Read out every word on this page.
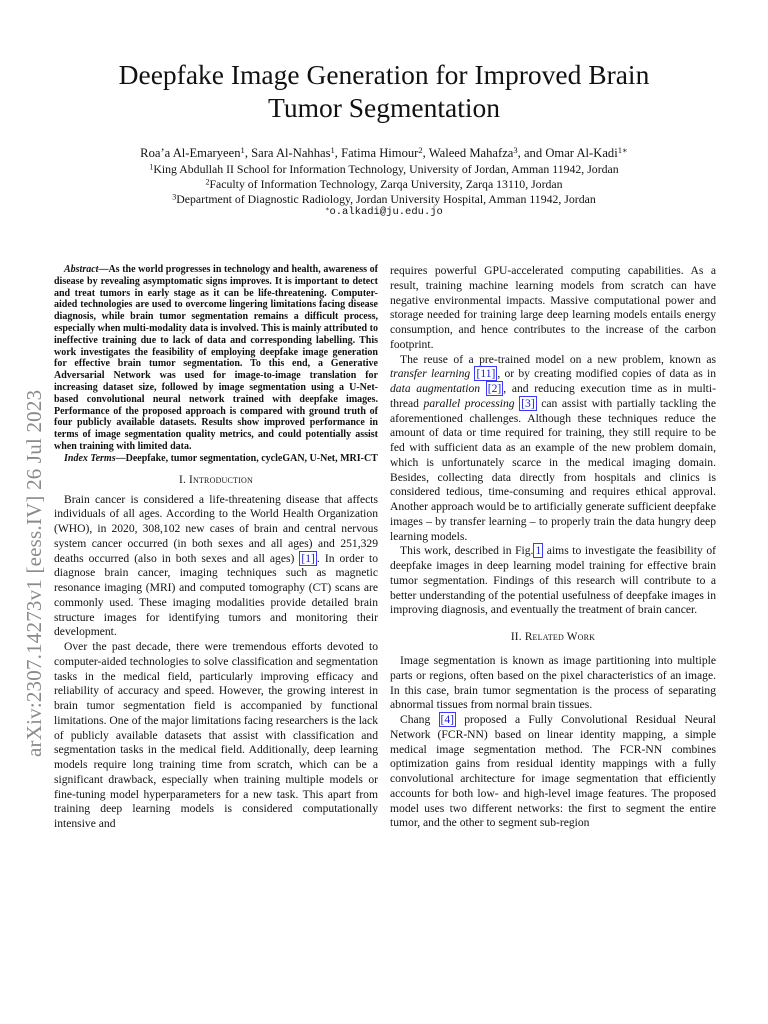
arXiv:2307.14273v1 [eess.IV] 26 Jul 2023
Deepfake Image Generation for Improved Brain
Tumor Segmentation
Roa’a Al-Emaryeen$^1$, Sara Al-Nahhas$^1$, Fatima Himour$^2$, Waleed Mahafza$^3$, and Omar Al-Kadi$^{1∗}$
$^1$King Abdullah II School for Information Technology, University of Jordan, Amman 11942, Jordan
$^2$Faculty of Information Technology, Zarqa University, Zarqa 13110, Jordan
$^3$Department of Diagnostic Radiology, Jordan University Hospital, Amman 11942, Jordan
∗o.alkadi@ju.edu.jo

Abstract—As the world progresses in technology and health, awareness of disease by revealing asymptomatic signs improves. It is important to detect and treat tumors in early stage as it can be life-threatening. Computer-aided technologies are used to overcome lingering limitations facing disease diagnosis, while brain tumor segmentation remains a difficult process, especially when multi-modality data is involved. This is mainly attributed to ineffective training due to lack of data and corresponding labelling. This work investigates the feasibility of employing deepfake image generation for effective brain tumor segmentation. To this end, a Generative Adversarial Network was used for image-to-image translation for increasing dataset size, followed by image segmentation using a U-Net-based convolutional neural network trained with deepfake images. Performance of the proposed approach is compared with ground truth of four publicly available datasets. Results show improved performance in terms of image segmentation quality metrics, and could potentially assist when training with limited data.

Index Terms—Deepfake, tumor segmentation, cycleGAN, U-Net, MRI-CT

I. Introduction

Brain cancer is considered a life-threatening disease that affects individuals of all ages. According to the World Health Organization (WHO), in 2020, 308,102 new cases of brain and central nervous system cancer occurred (in both sexes and all ages) and 251,329 deaths occurred (also in both sexes and all ages) [1] . In order to diagnose brain cancer, imaging techniques such as magnetic resonance imaging (MRI) and computed tomography (CT) scans are commonly used. These imaging modalities provide detailed brain structure images for identifying tumors and monitoring their development.

Over the past decade, there were tremendous efforts devoted to computer-aided technologies to solve classification and segmentation tasks in the medical field, particularly improving efficacy and reliability of accuracy and speed. However, the growing interest in brain tumor segmentation field is accompanied by functional limitations. One of the major limitations facing researchers is the lack of publicly available datasets that assist with classification and segmentation tasks in the medical field. Additionally, deep learning models require long training time from scratch, which can be a significant drawback, especially when training multiple models or fine-tuning model hyperparameters for a new task. This apart from training deep learning models is considered computationally intensive and

requires powerful GPU-accelerated computing capabilities. As a result, training machine learning models from scratch can have negative environmental impacts. Massive computational power and storage needed for training large deep learning models entails energy consumption, and hence contributes to the increase of the carbon footprint.

The reuse of a pre-trained model on a new problem, known as transfer learning [11] , or by creating modified copies of data as in data augmentation [2] , and reducing execution time as in multi-thread parallel processing [3] can assist with partially tackling the aforementioned challenges. Although these techniques reduce the amount of data or time required for training, they still require to be fed with sufficient data as an example of the new problem domain, which is unfortunately scarce in the medical imaging domain. Besides, collecting data directly from hospitals and clinics is considered tedious, time-consuming and requires ethical approval. Another approach would be to artificially generate sufficient deepfake images – by transfer learning – to properly train the data hungry deep learning models.

This work, described in Fig. 1 aims to investigate the feasibility of deepfake images in deep learning model training for effective brain tumor segmentation. Findings of this research will contribute to a better understanding of the potential usefulness of deepfake images in improving diagnosis, and eventually the treatment of brain cancer.

II. Related Work

Image segmentation is known as image partitioning into multiple parts or regions, often based on the pixel characteristics of an image. In this case, brain tumor segmentation is the process of separating abnormal tissues from normal brain tissues.

Chang [4] proposed a Fully Convolutional Residual Neural Network (FCR-NN) based on linear identity mapping, a simple medical image segmentation method. The FCR-NN combines optimization gains from residual identity mappings with a fully convolutional architecture for image segmentation that efficiently accounts for both low- and high-level image features. The proposed model uses two different networks: the first to segment the entire tumor, and the other to segment sub-region
